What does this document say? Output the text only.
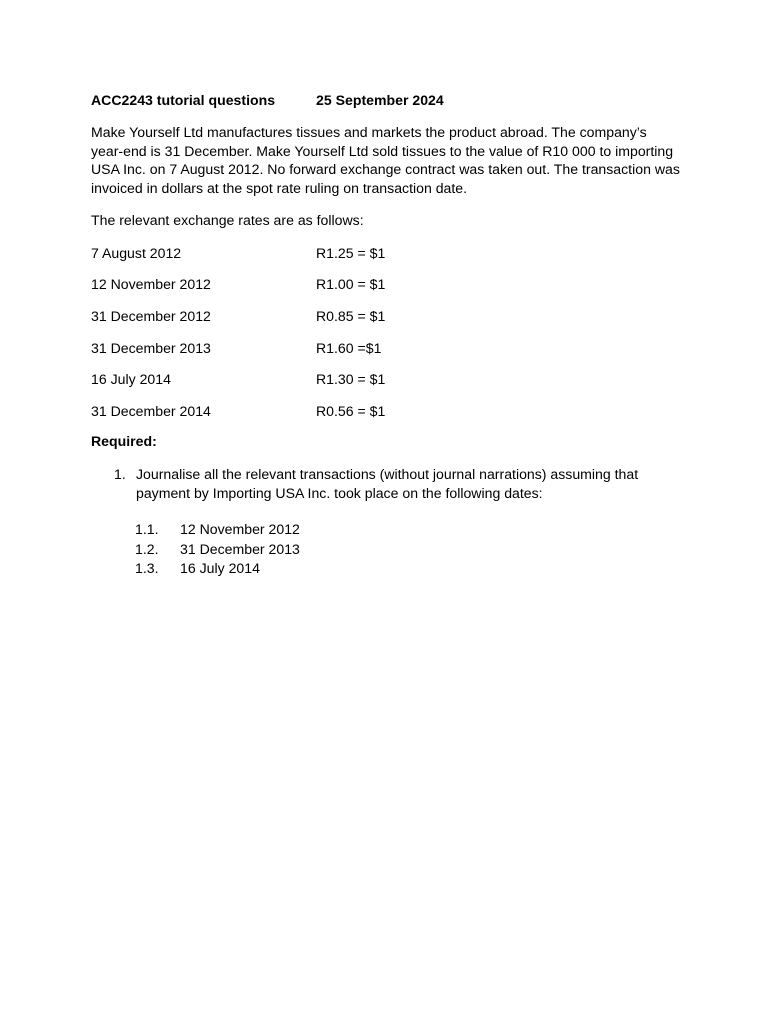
ACC2243 tutorial questions	25 September 2024
Make Yourself Ltd manufactures tissues and markets the product abroad. The company’s year-end is 31 December. Make Yourself Ltd sold tissues to the value of R10 000 to importing USA Inc. on 7 August 2012. No forward exchange contract was taken out. The transaction was invoiced in dollars at the spot rate ruling on transaction date.
The relevant exchange rates are as follows:
7 August 2012	R1.25 = $1
12 November 2012	R1.00 = $1
31 December 2012	R0.85 = $1
31 December 2013	R1.60 =$1
16 July 2014	R1.30 = $1
31 December 2014	R0.56 = $1
Required:
1. Journalise all the relevant transactions (without journal narrations) assuming that payment by Importing USA Inc. took place on the following dates:
1.1. 12 November 2012
1.2. 31 December 2013
1.3. 16 July 2014
